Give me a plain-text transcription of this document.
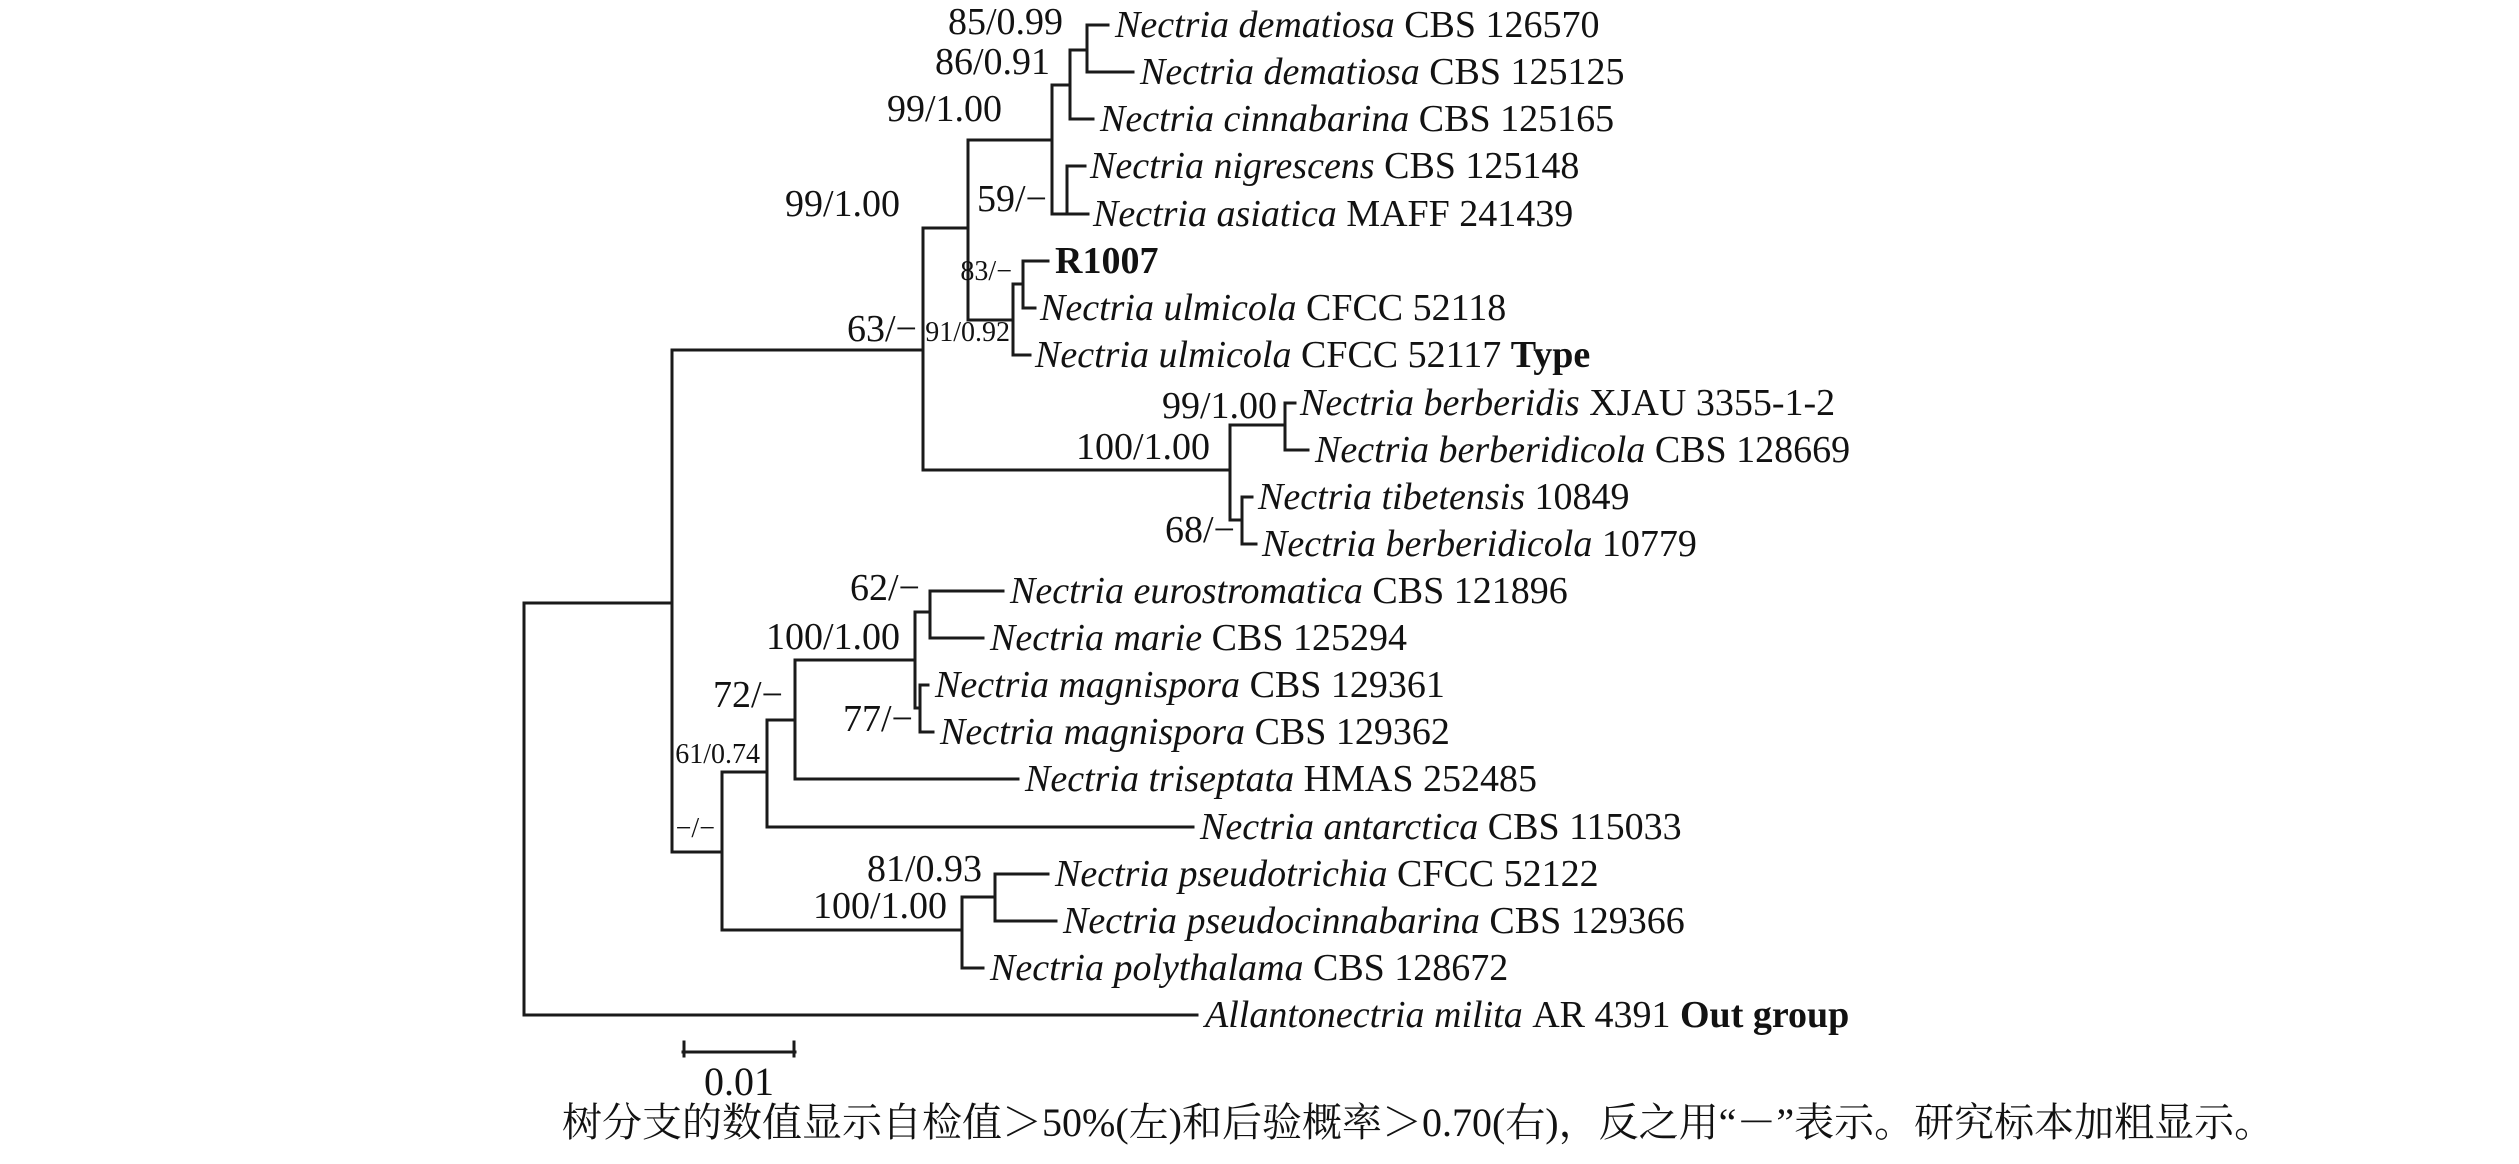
Nectria dematiosa CBS 126570
Nectria dematiosa CBS 125125
Nectria cinnabarina CBS 125165
Nectria nigrescens CBS 125148
Nectria asiatica MAFF 241439
R1007
Nectria ulmicola CFCC 52118
Nectria ulmicola CFCC 52117 Type
Nectria berberidis XJAU 3355-1-2
Nectria berberidicola CBS 128669
Nectria tibetensis 10849
Nectria berberidicola 10779
Nectria eurostromatica CBS 121896
Nectria marie CBS 125294
Nectria magnispora CBS 129361
Nectria magnispora CBS 129362
Nectria triseptata HMAS 252485
Nectria antarctica CBS 115033
Nectria pseudotrichia CFCC 52122
Nectria pseudocinnabarina CBS 129366
Nectria polythalama CBS 128672
Allantonectria milita AR 4391 Out group
85/0.99
86/0.91
99/1.00
59/−
99/1.00
83/−
91/0.92
63/−
99/1.00
100/1.00
68/−
62/−
100/1.00
72/−
77/−
61/0.74
−/−
81/0.93
100/1.00
0.01
树分支的数值显示自检值＞50%(左)和后验概率＞0.70(右)，反之用“－”表示。研究标本加粗显示。
